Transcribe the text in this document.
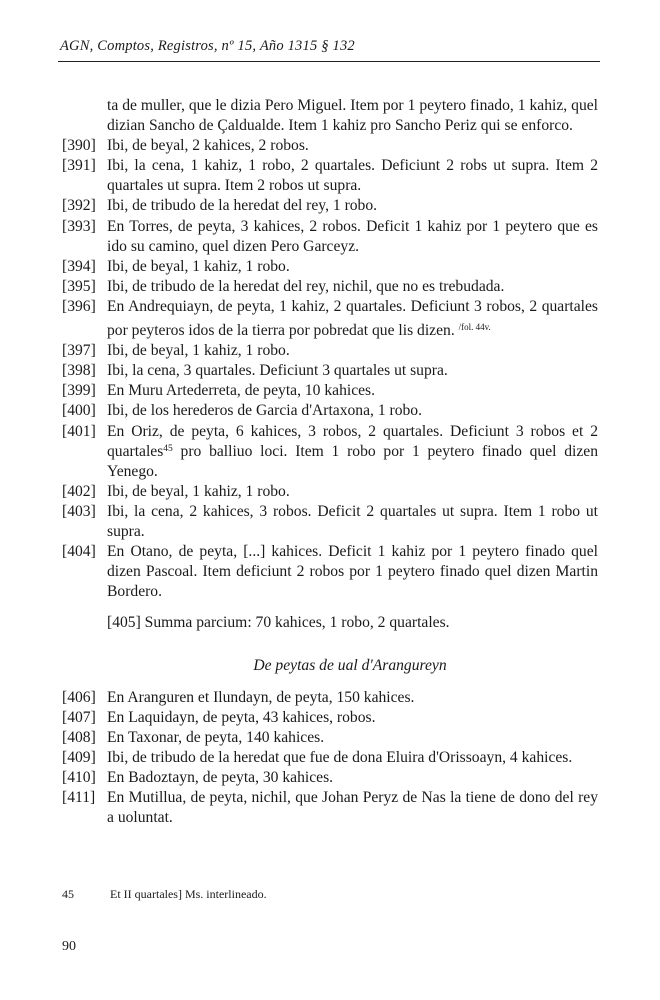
AGN, Comptos, Registros, nº 15, Año 1315 § 132
ta de muller, que le dizia Pero Miguel. Item por 1 peytero finado, 1 kahiz, quel dizian Sancho de Çaldualde. Item 1 kahiz pro Sancho Periz qui se enforco.
[390] Ibi, de beyal, 2 kahices, 2 robos.
[391] Ibi, la cena, 1 kahiz, 1 robo, 2 quartales. Deficiunt 2 robs ut supra. Item 2 quartales ut supra. Item 2 robos ut supra.
[392] Ibi, de tribudo de la heredat del rey, 1 robo.
[393] En Torres, de peyta, 3 kahices, 2 robos. Deficit 1 kahiz por 1 peytero que es ido su camino, quel dizen Pero Garceyz.
[394] Ibi, de beyal, 1 kahiz, 1 robo.
[395] Ibi, de tribudo de la heredat del rey, nichil, que no es trebudada.
[396] En Andrequiayn, de peyta, 1 kahiz, 2 quartales. Deficiunt 3 robos, 2 quartales por peyteros idos de la tierra por pobredat que lis dizen. $^{/fol. 44v.}$
[397] Ibi, de beyal, 1 kahiz, 1 robo.
[398] Ibi, la cena, 3 quartales. Deficiunt 3 quartales ut supra.
[399] En Muru Artederreta, de peyta, 10 kahices.
[400] Ibi, de los herederos de Garcia d'Artaxona, 1 robo.
[401] En Oriz, de peyta, 6 kahices, 3 robos, 2 quartales. Deficiunt 3 robos et 2 quartales$^{45}$ pro balliuo loci. Item 1 robo por 1 peytero finado quel dizen Yenego.
[402] Ibi, de beyal, 1 kahiz, 1 robo.
[403] Ibi, la cena, 2 kahices, 3 robos. Deficit 2 quartales ut supra. Item 1 robo ut supra.
[404] En Otano, de peyta, [...] kahices. Deficit 1 kahiz por 1 peytero finado quel dizen Pascoal. Item deficiunt 2 robos por 1 peytero finado quel dizen Martin Bordero.
[405] Summa parcium: 70 kahices, 1 robo, 2 quartales.
De peytas de ual d'Arangureyn
[406] En Aranguren et Ilundayn, de peyta, 150 kahices.
[407] En Laquidayn, de peyta, 43 kahices, robos.
[408] En Taxonar, de peyta, 140 kahices.
[409] Ibi, de tribudo de la heredat que fue de dona Eluira d'Orissoayn, 4 kahices.
[410] En Badoztayn, de peyta, 30 kahices.
[411] En Mutillua, de peyta, nichil, que Johan Peryz de Nas la tiene de dono del rey a uoluntat.
45	Et II quartales] Ms. interlineado.
90
